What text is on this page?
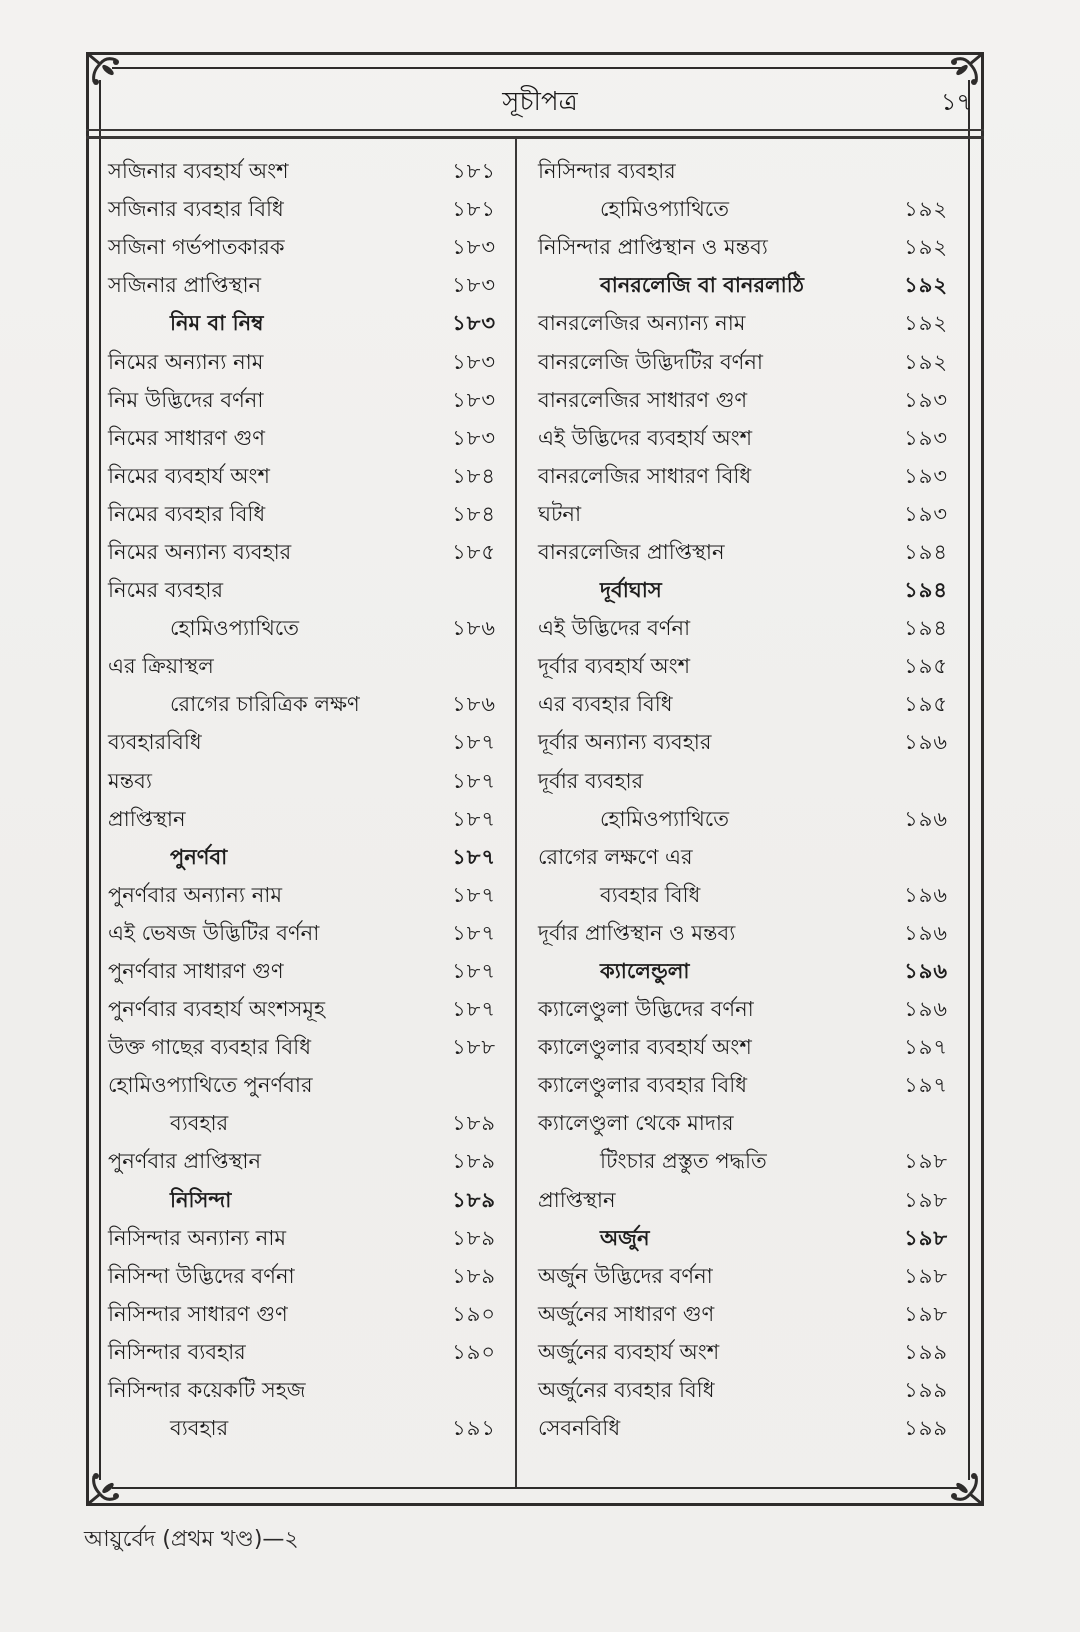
সূচীপত্র	১৭
সজিনার ব্যবহার্য অংশ	১৮১
সজিনার ব্যবহার বিধি	১৮১
সজিনা গর্ভপাতকারক	১৮৩
সজিনার প্রাপ্তিস্থান	১৮৩
নিম বা নিম্ব	১৮৩
নিমের অন্যান্য নাম	১৮৩
নিম উদ্ভিদের বর্ণনা	১৮৩
নিমের সাধারণ গুণ	১৮৩
নিমের ব্যবহার্য অংশ	১৮৪
নিমের ব্যবহার বিধি	১৮৪
নিমের অন্যান্য ব্যবহার	১৮৫
নিমের ব্যবহার
হোমিওপ্যাথিতে	১৮৬
এর ক্রিয়াস্থল
রোগের চারিত্রিক লক্ষণ	১৮৬
ব্যবহারবিধি	১৮৭
মন্তব্য	১৮৭
প্রাপ্তিস্থান	১৮৭
পুনর্ণবা	১৮৭
পুনর্ণবার অন্যান্য নাম	১৮৭
এই ভেষজ উদ্ভিটির বর্ণনা	১৮৭
পুনর্ণবার সাধারণ গুণ	১৮৭
পুনর্ণবার ব্যবহার্য অংশসমূহ	১৮৭
উক্ত গাছের ব্যবহার বিধি	১৮৮
হোমিওপ্যাথিতে পুনর্ণবার
ব্যবহার	১৮৯
পুনর্ণবার প্রাপ্তিস্থান	১৮৯
নিসিন্দা	১৮৯
নিসিন্দার অন্যান্য নাম	১৮৯
নিসিন্দা উদ্ভিদের বর্ণনা	১৮৯
নিসিন্দার সাধারণ গুণ	১৯০
নিসিন্দার ব্যবহার	১৯০
নিসিন্দার কয়েকটি সহজ
ব্যবহার	১৯১
নিসিন্দার ব্যবহার
হোমিওপ্যাথিতে	১৯২
নিসিন্দার প্রাপ্তিস্থান ও মন্তব্য	১৯২
বানরলেজি বা বানরলাঠি	১৯২
বানরলেজির অন্যান্য নাম	১৯২
বানরলেজি উদ্ভিদটির বর্ণনা	১৯২
বানরলেজির সাধারণ গুণ	১৯৩
এই উদ্ভিদের ব্যবহার্য অংশ	১৯৩
বানরলেজির সাধারণ বিধি	১৯৩
ঘটনা	১৯৩
বানরলেজির প্রাপ্তিস্থান	১৯৪
দূর্বাঘাস	১৯৪
এই উদ্ভিদের বর্ণনা	১৯৪
দূর্বার ব্যবহার্য অংশ	১৯৫
এর ব্যবহার বিধি	১৯৫
দূর্বার অন্যান্য ব্যবহার	১৯৬
দূর্বার ব্যবহার
হোমিওপ্যাথিতে	১৯৬
রোগের লক্ষণে এর
ব্যবহার বিধি	১৯৬
দূর্বার প্রাপ্তিস্থান ও মন্তব্য	১৯৬
ক্যালেন্ডুলা	১৯৬
ক্যালেণ্ডুলা উদ্ভিদের বর্ণনা	১৯৬
ক্যালেণ্ডুলার ব্যবহার্য অংশ	১৯৭
ক্যালেণ্ডুলার ব্যবহার বিধি	১৯৭
ক্যালেণ্ডুলা থেকে মাদার
টিংচার প্রস্তুত পদ্ধতি	১৯৮
প্রাপ্তিস্থান	১৯৮
অর্জুন	১৯৮
অর্জুন উদ্ভিদের বর্ণনা	১৯৮
অর্জুনের সাধারণ গুণ	১৯৮
অর্জুনের ব্যবহার্য অংশ	১৯৯
অর্জুনের ব্যবহার বিধি	১৯৯
সেবনবিধি	১৯৯
আয়ুর্বেদ (প্রথম খণ্ড)—২
